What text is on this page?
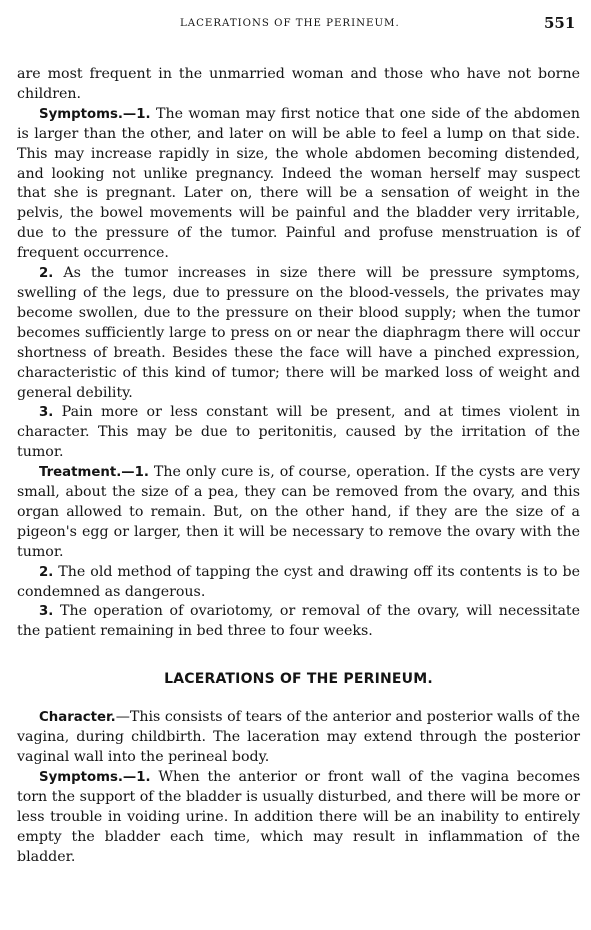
LACERATIONS OF THE PERINEUM.	551

are most frequent in the unmarried woman and those who have not borne children.

Symptoms.—1. The woman may first notice that one side of the abdomen is larger than the other, and later on will be able to feel a lump on that side. This may increase rapidly in size, the whole abdomen becoming distended, and looking not unlike pregnancy. Indeed the woman herself may suspect that she is pregnant. Later on, there will be a sensation of weight in the pelvis, the bowel movements will be painful and the bladder very irritable, due to the pressure of the tumor. Painful and profuse menstruation is of frequent occurrence.

2. As the tumor increases in size there will be pressure symptoms, swelling of the legs, due to pressure on the blood-vessels, the privates may become swollen, due to the pressure on their blood supply; when the tumor becomes sufficiently large to press on or near the diaphragm there will occur shortness of breath. Besides these the face will have a pinched expression, characteristic of this kind of tumor; there will be marked loss of weight and general debility.

3. Pain more or less constant will be present, and at times violent in character. This may be due to peritonitis, caused by the irritation of the tumor.

Treatment.—1. The only cure is, of course, operation. If the cysts are very small, about the size of a pea, they can be removed from the ovary, and this organ allowed to remain. But, on the other hand, if they are the size of a pigeon's egg or larger, then it will be necessary to remove the ovary with the tumor.

2. The old method of tapping the cyst and drawing off its contents is to be condemned as dangerous.

3. The operation of ovariotomy, or removal of the ovary, will necessitate the patient remaining in bed three to four weeks.

LACERATIONS OF THE PERINEUM.

Character.—This consists of tears of the anterior and posterior walls of the vagina, during childbirth. The laceration may extend through the posterior vaginal wall into the perineal body.

Symptoms.—1. When the anterior or front wall of the vagina becomes torn the support of the bladder is usually disturbed, and there will be more or less trouble in voiding urine. In addition there will be an inability to entirely empty the bladder each time, which may result in inflammation of the bladder.
